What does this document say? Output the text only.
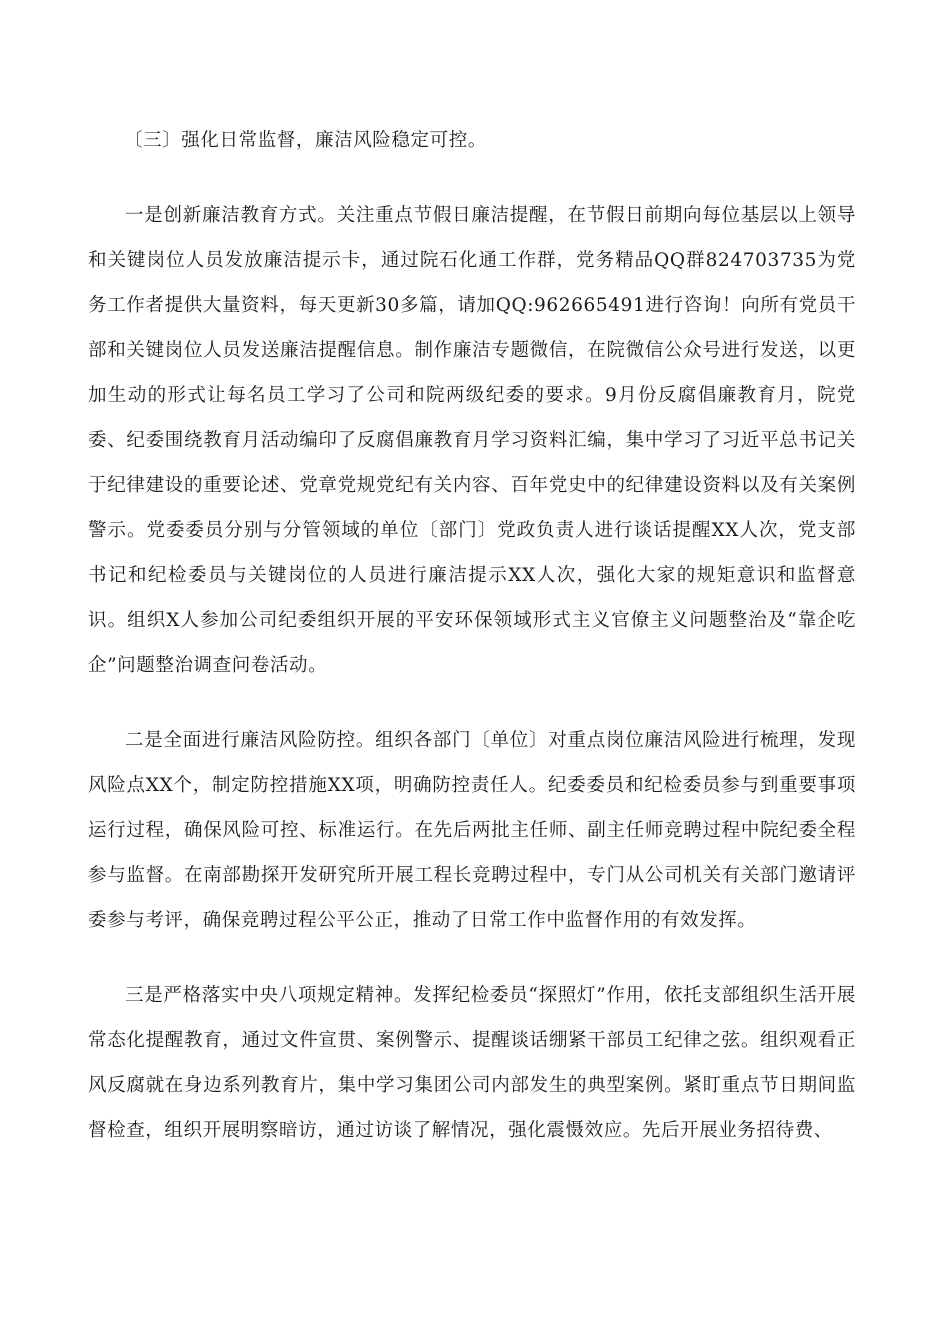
〔三〕强化日常监督，廉洁风险稳定可控。

一是创新廉洁教育方式。关注重点节假日廉洁提醒，在节假日前期向每位基层以上领导和关键岗位人员发放廉洁提示卡，通过院石化通工作群，党务精品QQ群824703735为党务工作者提供大量资料，每天更新30多篇，请加QQ:962665491进行咨询！向所有党员干部和关键岗位人员发送廉洁提醒信息。制作廉洁专题微信，在院微信公众号进行发送，以更加生动的形式让每名员工学习了公司和院两级纪委的要求。9月份反腐倡廉教育月，院党委、纪委围绕教育月活动编印了反腐倡廉教育月学习资料汇编，集中学习了习近平总书记关于纪律建设的重要论述、党章党规党纪有关内容、百年党史中的纪律建设资料以及有关案例警示。党委委员分别与分管领域的单位〔部门〕党政负责人进行谈话提醒XX人次，党支部书记和纪检委员与关键岗位的人员进行廉洁提示XX人次，强化大家的规矩意识和监督意识。组织X人参加公司纪委组织开展的平安环保领域形式主义官僚主义问题整治及“靠企吃企”问题整治调查问卷活动。

二是全面进行廉洁风险防控。组织各部门〔单位〕对重点岗位廉洁风险进行梳理，发现风险点XX个，制定防控措施XX项，明确防控责任人。纪委委员和纪检委员参与到重要事项运行过程，确保风险可控、标准运行。在先后两批主任师、副主任师竞聘过程中院纪委全程参与监督。在南部勘探开发研究所开展工程长竞聘过程中，专门从公司机关有关部门邀请评委参与考评，确保竞聘过程公平公正，推动了日常工作中监督作用的有效发挥。

三是严格落实中央八项规定精神。发挥纪检委员“探照灯”作用，依托支部组织生活开展常态化提醒教育，通过文件宣贯、案例警示、提醒谈话绷紧干部员工纪律之弦。组织观看正风反腐就在身边系列教育片，集中学习集团公司内部发生的典型案例。紧盯重点节日期间监督检查，组织开展明察暗访，通过访谈了解情况，强化震慑效应。先后开展业务招待费、
